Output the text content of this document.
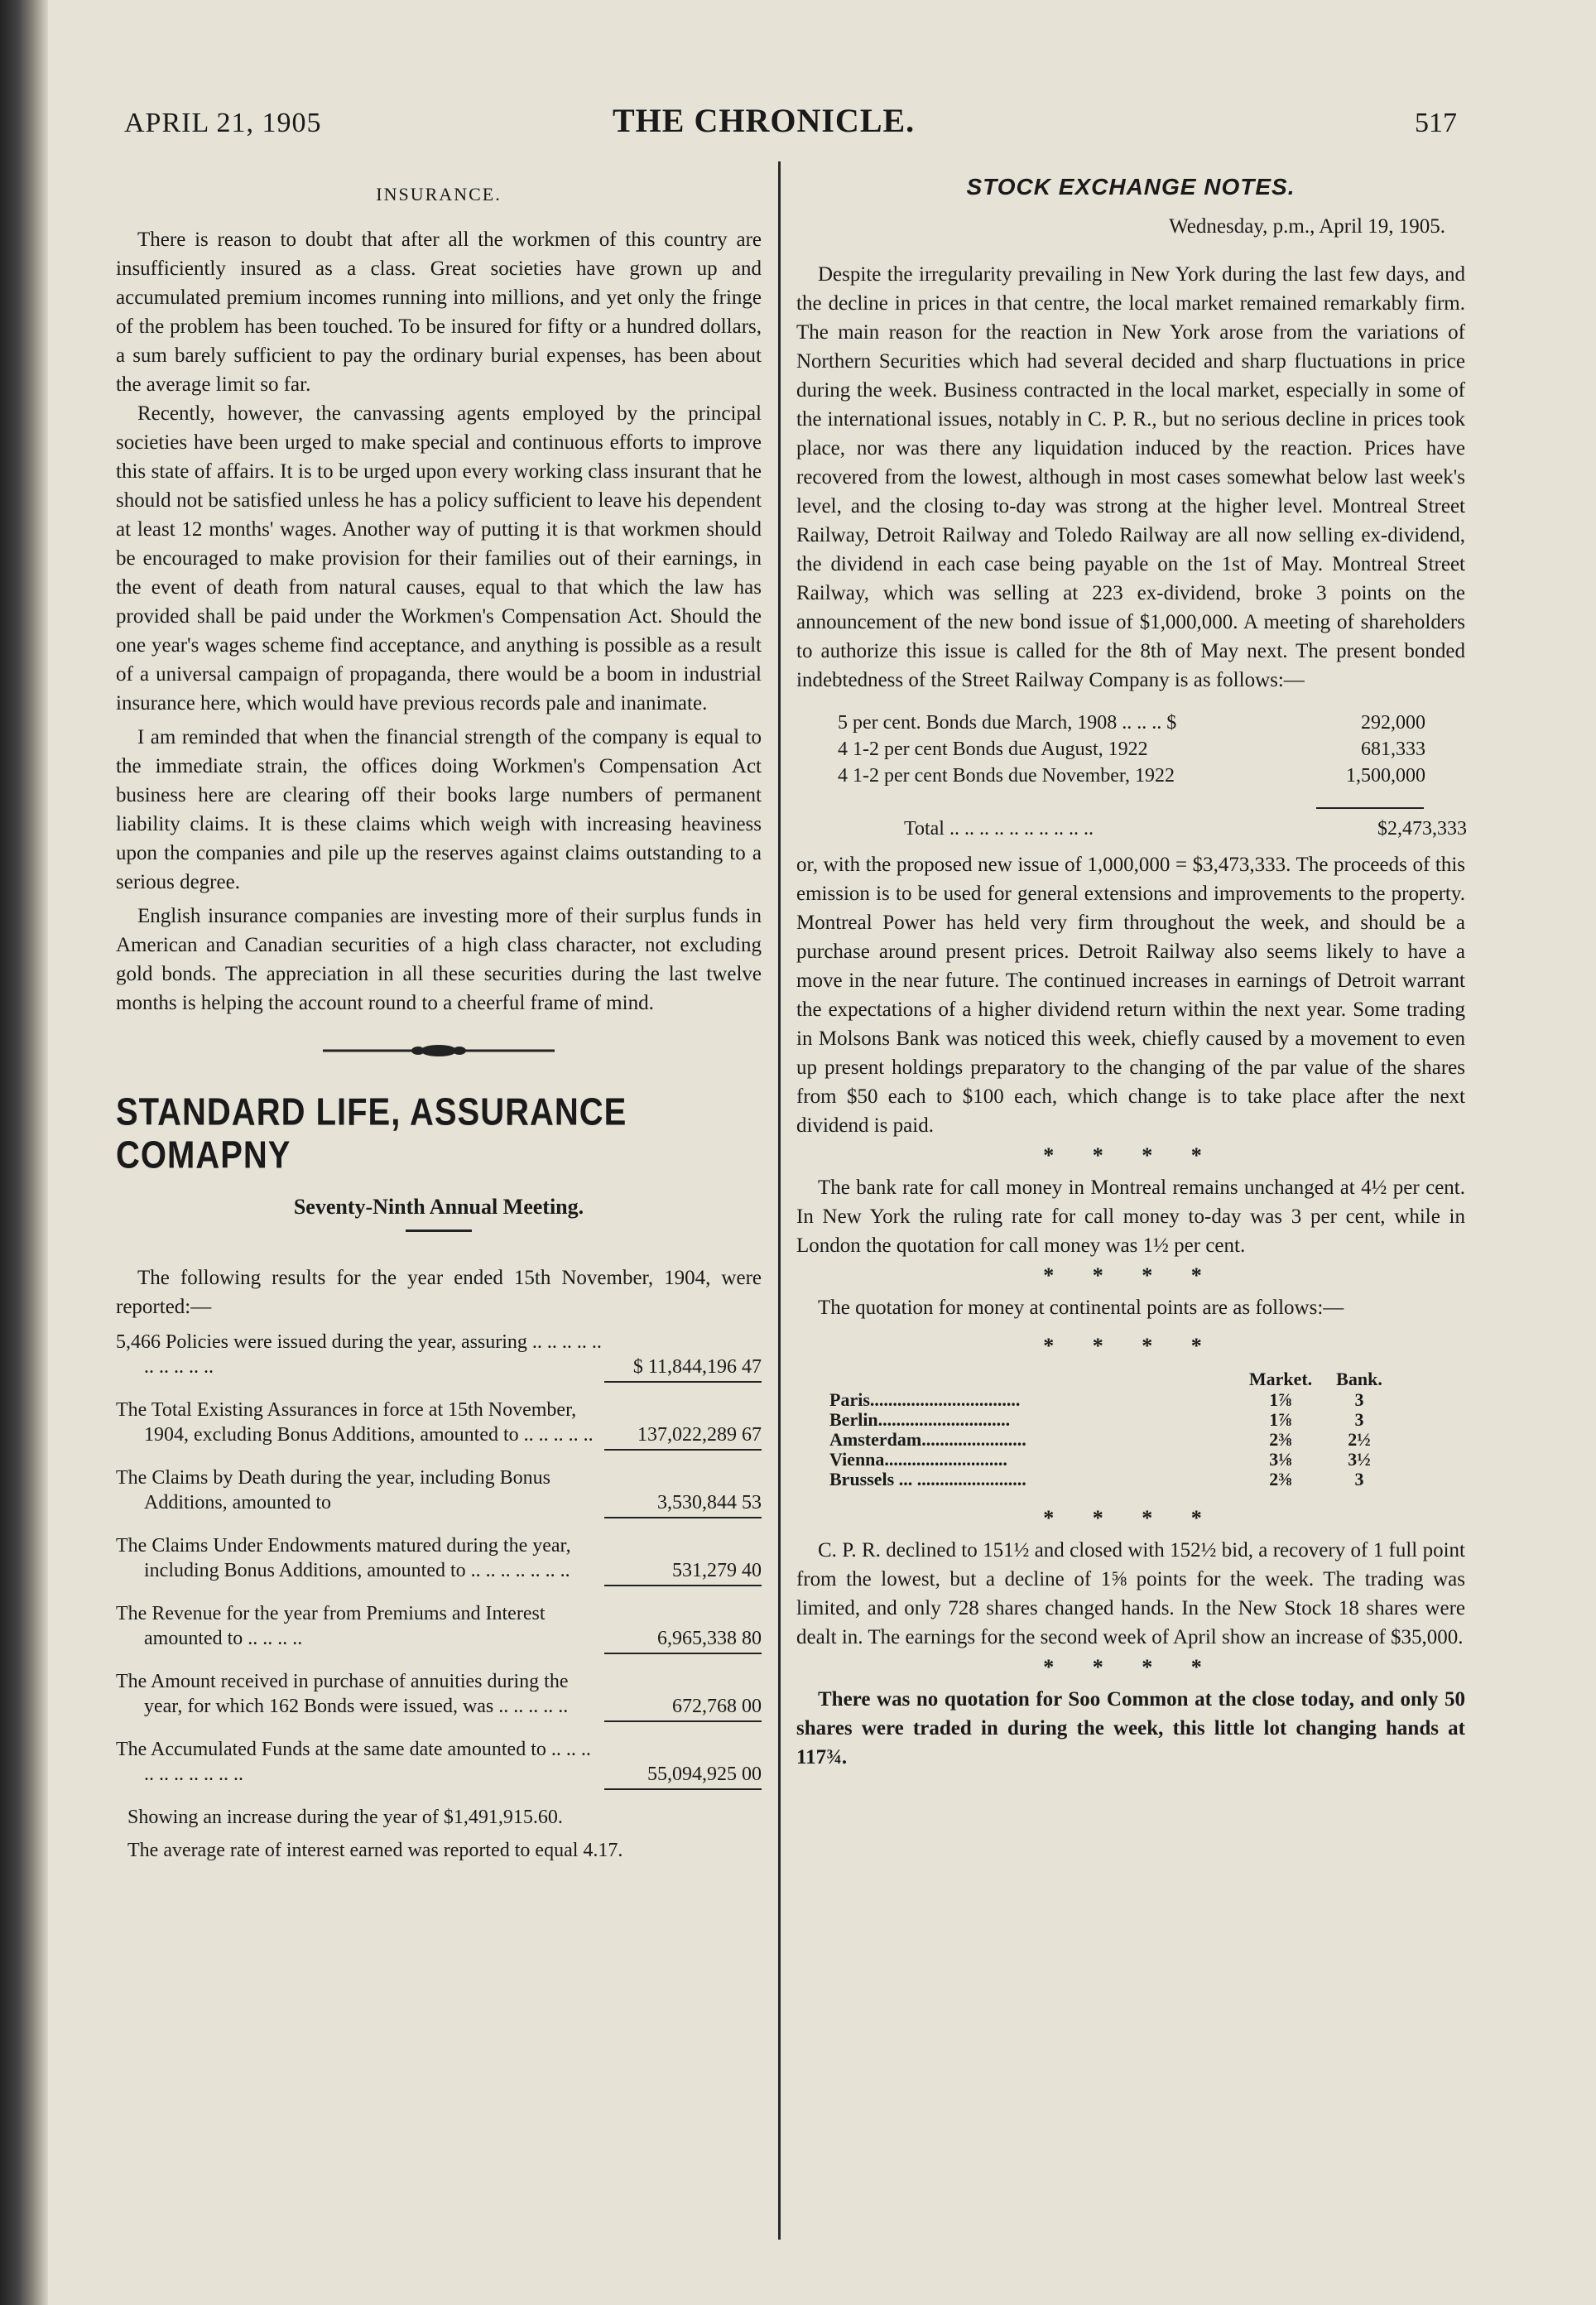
APRIL 21, 1905	THE CHRONICLE.	517
INSURANCE.

There is reason to doubt that after all the workmen of this country are insufficiently insured as a class. Great societies have grown up and accumulated premium incomes running into millions, and yet only the fringe of the problem has been touched. To be insured for fifty or a hundred dollars, a sum barely sufficient to pay the ordinary burial expenses, has been about the average limit so far.

Recently, however, the canvassing agents employed by the principal societies have been urged to make special and continuous efforts to improve this state of affairs. It is to be urged upon every working class insurant that he should not be satisfied unless he has a policy sufficient to leave his dependent at least 12 months' wages. Another way of putting it is that workmen should be encouraged to make provision for their families out of their earnings, in the event of death from natural causes, equal to that which the law has provided shall be paid under the Workmen's Compensation Act. Should the one year's wages scheme find acceptance, and anything is possible as a result of a universal campaign of propaganda, there would be a boom in industrial insurance here, which would have previous records pale and inanimate.

I am reminded that when the financial strength of the company is equal to the immediate strain, the offices doing Workmen's Compensation Act business here are clearing off their books large numbers of permanent liability claims. It is these claims which weigh with increasing heaviness upon the companies and pile up the reserves against claims outstanding to a serious degree.

English insurance companies are investing more of their surplus funds in American and Canadian securities of a high class character, not excluding gold bonds. The appreciation in all these securities during the last twelve months is helping the account round to a cheerful frame of mind.

STANDARD LIFE, ASSURANCE COMAPNY
Seventy-Ninth Annual Meeting.

The following results for the year ended 15th November, 1904, were reported:—

5,466 Policies were issued during the year, assuring .. .. .. .. .. .. .. .. .. ..	$ 11,844,196 47
The Total Existing Assurances in force at 15th November, 1904, excluding Bonus Additions, amounted to .. .. .. .. ..	137,022,289 67
The Claims by Death during the year, including Bonus Additions, amounted to	3,530,844 53
The Claims Under Endowments matured during the year, including Bonus Additions, amounted to .. .. .. .. .. .. ..	531,279 40
The Revenue for the year from Premiums and Interest amounted to .. .. .. ..	6,965,338 80
The Amount received in purchase of annuities during the year, for which 162 Bonds were issued, was .. .. .. .. ..	672,768 00
The Accumulated Funds at the same date amounted to .. .. .. .. .. .. .. .. .. ..	55,094,925 00
Showing an increase during the year of $1,491,915.60.
The average rate of interest earned was reported to equal 4.17.
STOCK EXCHANGE NOTES.
Wednesday, p.m., April 19, 1905.

Despite the irregularity prevailing in New York during the last few days, and the decline in prices in that centre, the local market remained remarkably firm. The main reason for the reaction in New York arose from the variations of Northern Securities which had several decided and sharp fluctuations in price during the week. Business contracted in the local market, especially in some of the international issues, notably in C. P. R., but no serious decline in prices took place, nor was there any liquidation induced by the reaction. Prices have recovered from the lowest, although in most cases somewhat below last week's level, and the closing to-day was strong at the higher level. Montreal Street Railway, Detroit Railway and Toledo Railway are all now selling ex-dividend, the dividend in each case being payable on the 1st of May. Montreal Street Railway, which was selling at 223 ex-dividend, broke 3 points on the announcement of the new bond issue of $1,000,000. A meeting of shareholders to authorize this issue is called for the 8th of May next. The present bonded indebtedness of the Street Railway Company is as follows:—

5 per cent. Bonds due March, 1908 .. .. .. $	292,000
4 1-2 per cent Bonds due August, 1922	681,333
4 1-2 per cent Bonds due November, 1922	1,500,000
Total .. .. .. .. .. .. .. .. .. ..	$2,473,333

or, with the proposed new issue of 1,000,000 = $3,473,333. The proceeds of this emission is to be used for general extensions and improvements to the property. Montreal Power has held very firm throughout the week, and should be a purchase around present prices. Detroit Railway also seems likely to have a move in the near future. The continued increases in earnings of Detroit warrant the expectations of a higher dividend return within the next year. Some trading in Molsons Bank was noticed this week, chiefly caused by a movement to even up present holdings preparatory to the changing of the par value of the shares from $50 each to $100 each, which change is to take place after the next dividend is paid.

* * * *

The bank rate for call money in Montreal remains unchanged at 4½ per cent. In New York the ruling rate for call money to-day was 3 per cent, while in London the quotation for call money was 1½ per cent.

* * * *

The quotation for money at continental points are as follows:—

* * * *
Market.	Bank.
Paris.................................	1⅞	3
Berlin.............................	1⅞	3
Amsterdam.......................	2⅜	2½
Vienna...........................	3⅛	3½
Brussels ... ........................	2⅜	3
* * * *

C. P. R. declined to 151½ and closed with 152½ bid, a recovery of 1 full point from the lowest, but a decline of 1⅝ points for the week. The trading was limited, and only 728 shares changed hands. In the New Stock 18 shares were dealt in. The earnings for the second week of April show an increase of $35,000.

* * * *

There was no quotation for Soo Common at the close today, and only 50 shares were traded in during the week, this little lot changing hands at 117¾.
